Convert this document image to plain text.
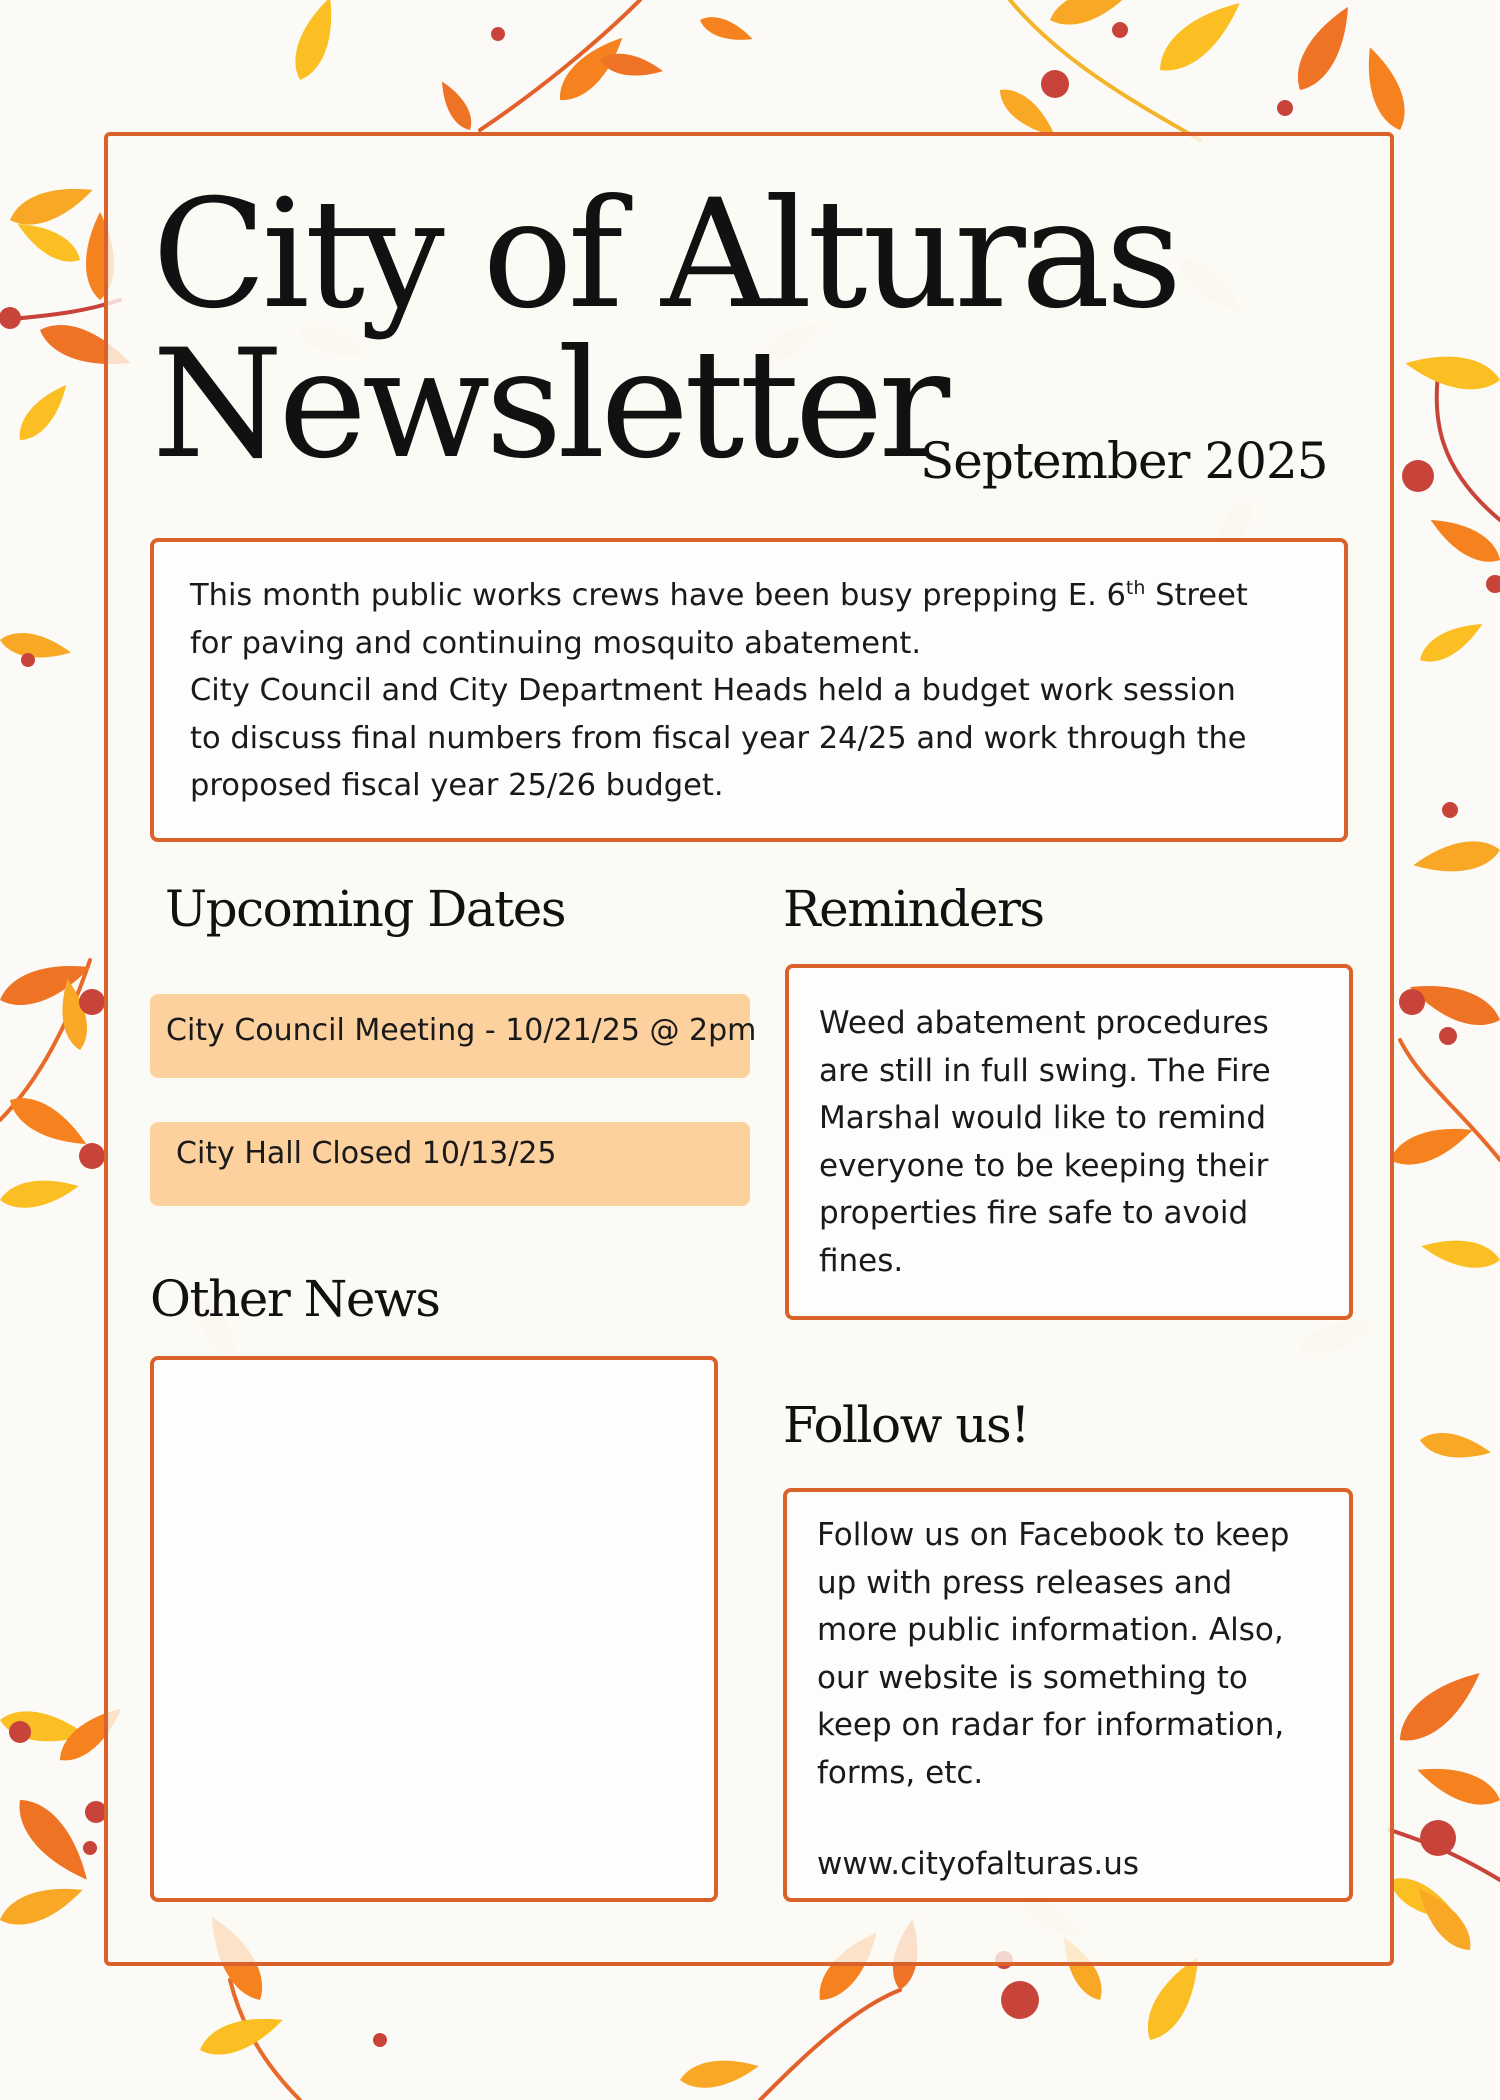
City of Alturas
Newsletter
September 2025
This month public works crews have been busy prepping E. 6th Street
for paving and continuing mosquito abatement.
City Council and City Department Heads held a budget work session
to discuss final numbers from fiscal year 24/25 and work through the
proposed fiscal year 25/26 budget.
Upcoming Dates
City Council Meeting - 10/21/25 @ 2pm
City Hall Closed 10/13/25
Other News
Reminders
Weed abatement procedures
are still in full swing. The Fire
Marshal would like to remind
everyone to be keeping their
properties fire safe to avoid
fines.
Follow us!
Follow us on Facebook to keep
up with press releases and
more public information. Also,
our website is something to
keep on radar for information,
forms, etc.
www.cityofalturas.us
